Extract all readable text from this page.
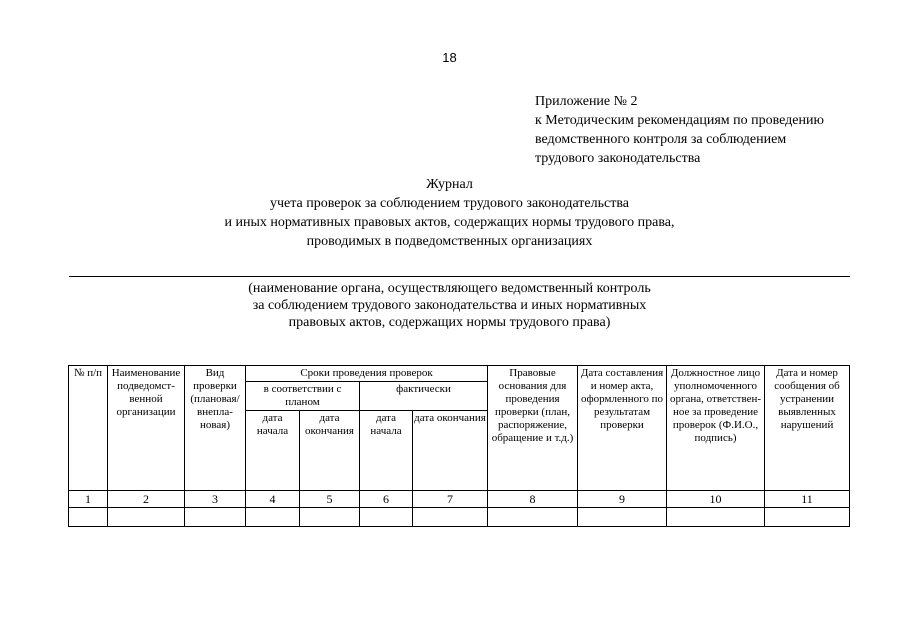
18
Приложение № 2
к Методическим рекомендациям по проведению
ведомственного контроля за соблюдением
трудового законодательства
Журнал
учета проверок за соблюдением трудового законодательства
и иных нормативных правовых актов, содержащих нормы трудового права,
проводимых в подведомственных организациях
(наименование органа, осуществляющего ведомственный контроль
за соблюдением трудового законодательства и иных нормативных
правовых актов, содержащих нормы трудового права)
№ п/п	Наименование подведомст-венной организации	Вид проверки (плановая/ внепла-новая)	Сроки проведения проверок				Правовые основания для проведения проверки (план, распоряжение, обращение и т.д.)	Дата составления и номер акта, оформленного по результатам проверки	Должностное лицо уполномоченного органа, ответствен-ное за проведение проверок (Ф.И.О., подпись)	Дата и номер сообщения об устранении выявленных нарушений
			в соответствии с планом		фактически					
			дата начала	дата окончания	дата начала	дата окончания				
1	2	3	4	5	6	7	8	9	10	11
